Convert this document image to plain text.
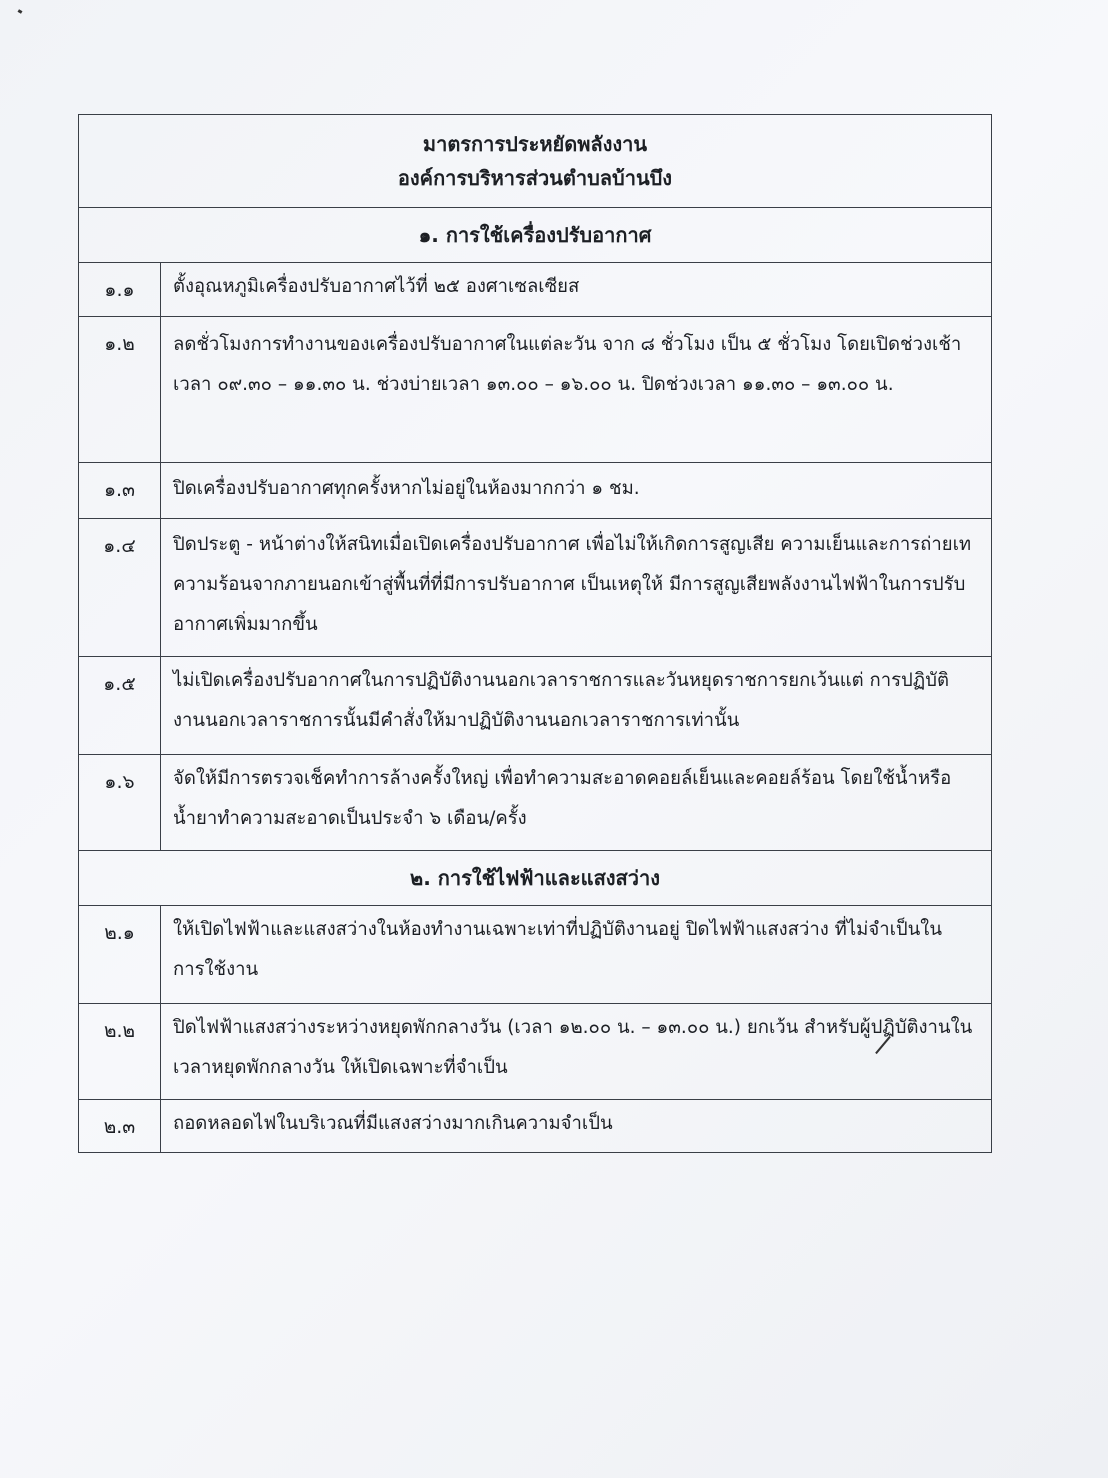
มาตรการประหยัดพลังงาน
องค์การบริหารส่วนตำบลบ้านบึง
๑. การใช้เครื่องปรับอากาศ
๑.๑	ตั้งอุณหภูมิเครื่องปรับอากาศไว้ที่ ๒๕ องศาเซลเซียส
๑.๒	ลดชั่วโมงการทำงานของเครื่องปรับอากาศในแต่ละวัน จาก ๘ ชั่วโมง เป็น ๕ ชั่วโมง โดยเปิดช่วงเช้าเวลา ๐๙.๓๐ – ๑๑.๓๐ น. ช่วงบ่ายเวลา ๑๓.๐๐ – ๑๖.๐๐ น. ปิดช่วงเวลา ๑๑.๓๐ – ๑๓.๐๐ น.
๑.๓	ปิดเครื่องปรับอากาศทุกครั้งหากไม่อยู่ในห้องมากกว่า ๑ ชม.
๑.๔	ปิดประตู - หน้าต่างให้สนิทเมื่อเปิดเครื่องปรับอากาศ เพื่อไม่ให้เกิดการสูญเสีย ความเย็นและการถ่ายเทความร้อนจากภายนอกเข้าสู่พื้นที่ที่มีการปรับอากาศ เป็นเหตุให้ มีการสูญเสียพลังงานไฟฟ้าในการปรับอากาศเพิ่มมากขึ้น
๑.๕	ไม่เปิดเครื่องปรับอากาศในการปฏิบัติงานนอกเวลาราชการและวันหยุดราชการยกเว้นแต่ การปฏิบัติงานนอกเวลาราชการนั้นมีคำสั่งให้มาปฏิบัติงานนอกเวลาราชการเท่านั้น
๑.๖	จัดให้มีการตรวจเช็คทำการล้างครั้งใหญ่ เพื่อทำความสะอาดคอยล์เย็นและคอยล์ร้อน โดยใช้น้ำหรือน้ำยาทำความสะอาดเป็นประจำ ๖ เดือน/ครั้ง
๒. การใช้ไฟฟ้าและแสงสว่าง
๒.๑	ให้เปิดไฟฟ้าและแสงสว่างในห้องทำงานเฉพาะเท่าที่ปฏิบัติงานอยู่ ปิดไฟฟ้าแสงสว่าง ที่ไม่จำเป็นในการใช้งาน
๒.๒	ปิดไฟฟ้าแสงสว่างระหว่างหยุดพักกลางวัน (เวลา ๑๒.๐๐ น. – ๑๓.๐๐ น.) ยกเว้น สำหรับผู้ปฏิบัติงานในเวลาหยุดพักกลางวัน ให้เปิดเฉพาะที่จำเป็น
๒.๓	ถอดหลอดไฟในบริเวณที่มีแสงสว่างมากเกินความจำเป็น
